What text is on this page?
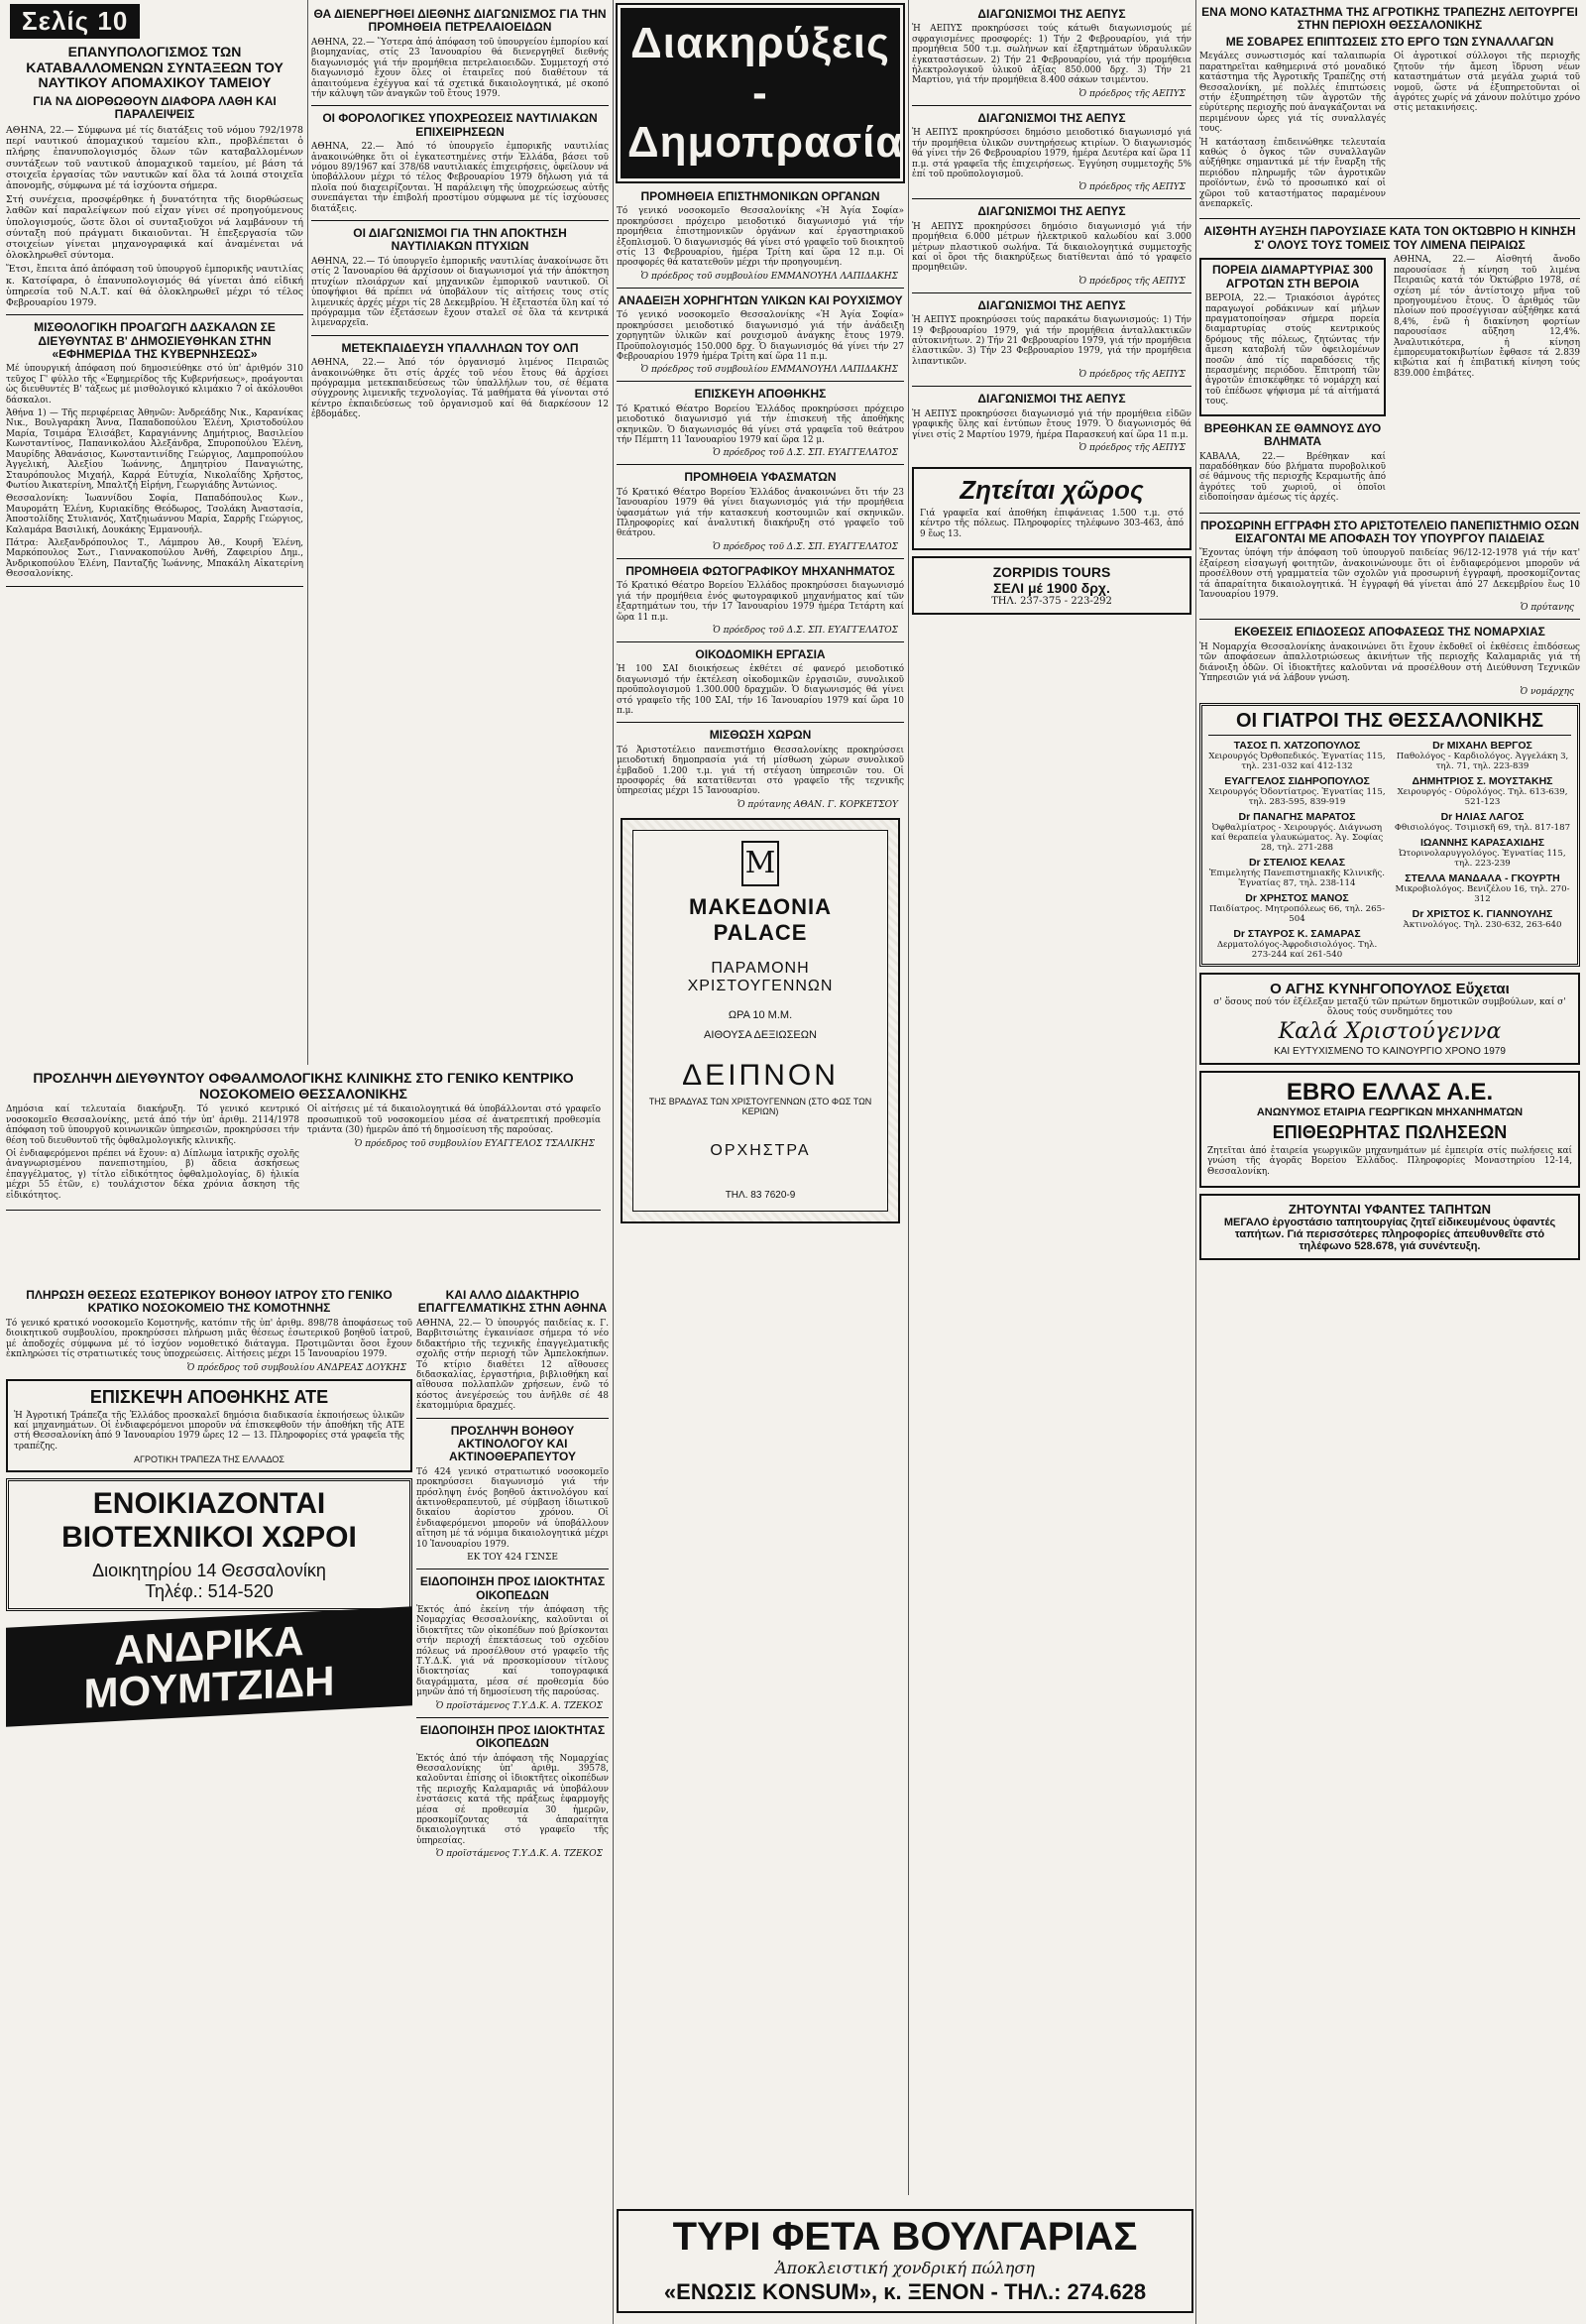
Σελίς 10
ΕΠΑΝΥΠΟΛΟΓΙΣΜΟΣ ΤΩΝ ΚΑΤΑΒΑΛΛΟΜΕΝΩΝ ΣΥΝΤΑΞΕΩΝ ΤΟΥ ΝΑΥΤΙΚΟΥ ΑΠΟΜΑΧΙΚΟΥ ΤΑΜΕΙΟΥ
ΓΙΑ ΝΑ ΔΙΟΡΘΩΘΟΥΝ ΔΙΑΦΟΡΑ ΛΑΘΗ ΚΑΙ ΠΑΡΑΛΕΙΨΕΙΣ

ΑΘΗΝΑ, 22.— Σύμφωνα μέ τίς διατάξεις τοῦ νόμου 792/1978 περί ναυτικού ἀπομαχικού ταμείου κλπ., προβλέπεται ὁ πλήρης ἐπανυπολογισμός ὅλων τῶν καταβαλλομένων συντάξεων τοῦ ναυτικοῦ ἀπομαχικοῦ ταμείου, μέ βάση τά στοιχεῖα ἐργασίας τῶν ναυτικῶν καί ὅλα τά λοιπά στοιχεῖα ἀπονομῆς, σύμφωνα μέ τά ἰσχύοντα σήμερα.

Στή συνέχεια, προσφέρθηκε ἡ δυνατότητα τῆς διορθώσεως λαθῶν καί παραλείψεων πού εἶχαν γίνει σέ προηγούμενους ὑπολογισμούς, ὥστε ὅλοι οἱ συνταξιοῦχοι νά λαμβάνουν τή σύνταξη πού πράγματι δικαιοῦνται. Ἡ ἐπεξεργασία τῶν στοιχείων γίνεται μηχανογραφικά καί ἀναμένεται νά ὁλοκληρωθεῖ σύντομα.

Ἔτσι, ἔπειτα ἀπό ἀπόφαση τοῦ ὑπουργοῦ ἐμπορικῆς ναυτιλίας κ. Κατσίφαρα, ὁ ἐπανυπολογισμός θά γίνεται ἀπό εἰδική ὑπηρεσία τοῦ Ν.Α.Τ. καί θά ὁλοκληρωθεῖ μέχρι τό τέλος Φεβρουαρίου 1979.

ΜΙΣΘΟΛΟΓΙΚΗ ΠΡΟΑΓΩΓΗ ΔΑΣΚΑΛΩΝ ΣΕ ΔΙΕΥΘΥΝΤΑΣ Β' ΔΗΜΟΣΙΕΥΘΗΚΑΝ ΣΤΗΝ «ΕΦΗΜΕΡΙΔΑ ΤΗΣ ΚΥΒΕΡΝΗΣΕΩΣ»

Μέ ὑπουργική ἀπόφαση πού δημοσιεύθηκε στό ὑπ' ἀριθμόν 310 τεῦχος Γ' φύλλο τῆς «Ἐφημερίδος τῆς Κυβερνήσεως», προάγονται ὡς διευθυντές Β' τάξεως μέ μισθολογικό κλιμάκιο 7 οἱ ἀκόλουθοι δάσκαλοι.

Ἀθήνα 1) — Τῆς περιφέρειας Ἀθηνῶν: Ἀνδρεάδης Νικ., Καρανίκας Νικ., Βουλγαράκη Ἄννα, Παπαδοπούλου Ἑλένη, Χριστοδούλου Μαρία, Τσιμάρα Ἐλισάβετ, Καραγιάννης Δημήτριος, Βασιλείου Κωνσταντίνος, Παπανικολάου Ἀλεξάνδρα, Σπυροπούλου Ἑλένη, Μαυρίδης Ἀθανάσιος, Κωνσταντινίδης Γεώργιος, Λαμπροπούλου Ἀγγελική, Ἀλεξίου Ἰωάννης, Δημητρίου Παναγιώτης, Σταυρόπουλος Μιχαήλ, Καρρά Εὐτυχία, Νικολαΐδης Χρῆστος, Φωτίου Ἀικατερίνη, Μπαλτζή Εἰρήνη, Γεωργιάδης Ἀντώνιος.

Θεσσαλονίκη: Ἰωαννίδου Σοφία, Παπαδόπουλος Κων., Μαυρομάτη Ἑλένη, Κυριακίδης Θεόδωρος, Τσολάκη Ἀναστασία, Ἀποστολίδης Στυλιανός, Χατζηιωάννου Μαρία, Σαρρῆς Γεώργιος, Καλαμάρα Βασιλική, Δουκάκης Ἐμμανουήλ.

Πάτρα: Ἀλεξανδρόπουλος Τ., Λάμπρου Ἀθ., Κουρῆ Ἑλένη, Μαρκόπουλος Σωτ., Γιαννακοπούλου Ἀνθή, Ζαφειρίου Δημ., Ἀνδρικοπούλου Ἑλένη, Πανταζῆς Ἰωάννης, Μπακάλη Αἰκατερίνη Θεσσαλονίκης.

ΠΡΟΣΛΗΨΗ ΔΙΕΥΘΥΝΤΟΥ ΟΦΘΑΛΜΟΛΟΓΙΚΗΣ ΚΛΙΝΙΚΗΣ ΣΤΟ ΓΕΝΙΚΟ ΚΕΝΤΡΙΚΟ ΝΟΣΟΚΟΜΕΙΟ ΘΕΣΣΑΛΟΝΙΚΗΣ

Δημόσια καί τελευταία διακήρυξη. Τό γενικό κεντρικό νοσοκομεῖο Θεσσαλονίκης, μετά ἀπό τήν ὑπ' ἀριθμ. 2114/1978 ἀπόφαση τοῦ ὑπουργοῦ κοινωνικῶν ὑπηρεσιῶν, προκηρύσσει τήν θέση τοῦ διευθυντοῦ τῆς ὀφθαλμολογικῆς κλινικῆς.

Οἱ ἐνδιαφερόμενοι πρέπει νά ἔχουν: α) Δίπλωμα ἰατρικῆς σχολῆς ἀναγνωρισμένου πανεπιστημίου, β) ἄδεια ἀσκήσεως ἐπαγγέλματος, γ) τίτλο εἰδικότητος ὀφθαλμολογίας, δ) ἡλικία μέχρι 55 ἐτῶν, ε) τουλάχιστον δέκα χρόνια ἄσκηση τῆς εἰδικότητος.

Οἱ αἰτήσεις μέ τά δικαιολογητικά θά ὑποβάλλονται στό γραφεῖο προσωπικοῦ τοῦ νοσοκομείου μέσα σέ ἀνατρεπτική προθεσμία τριάντα (30) ἡμερῶν ἀπό τή δημοσίευση τῆς παρούσας.

Ὁ πρόεδρος τοῦ συμβουλίου ΕΥΑΓΓΕΛΟΣ ΤΣΑΛΙΚΗΣ

ΠΛΗΡΩΣΗ ΘΕΣΕΩΣ ΕΣΩΤΕΡΙΚΟΥ ΒΟΗΘΟΥ ΙΑΤΡΟΥ ΣΤΟ ΓΕΝΙΚΟ ΚΡΑΤΙΚΟ ΝΟΣΟΚΟΜΕΙΟ ΤΗΣ ΚΟΜΟΤΗΝΗΣ

Τό γενικό κρατικό νοσοκομεῖο Κομοτηνῆς, κατόπιν τῆς ὑπ' ἀριθμ. 898/78 ἀποφάσεως τοῦ διοικητικοῦ συμβουλίου, προκηρύσσει πλήρωση μιᾶς θέσεως ἐσωτερικοῦ βοηθοῦ ἰατροῦ, μέ ἀποδοχές σύμφωνα μέ τό ἰσχύον νομοθετικό διάταγμα. Προτιμῶνται ὅσοι ἔχουν ἐκπληρώσει τίς στρατιωτικές τους ὑποχρεώσεις. Αἰτήσεις μέχρι 15 Ἰανουαρίου 1979.

Ὁ πρόεδρος τοῦ συμβουλίου ΑΝΔΡΕΑΣ ΔΟΥΚΗΣ

ΕΠΙΣΚΕΨΗ ΑΠΟΘΗΚΗΣ ΑΤΕ

Ἡ Ἀγροτική Τράπεζα τῆς Ἑλλάδος προσκαλεῖ δημόσια διαδικασία ἐκποιήσεως ὑλικῶν καί μηχανημάτων. Οἱ ἐνδιαφερόμενοι μποροῦν νά ἐπισκεφθοῦν τήν ἀποθήκη τῆς ΑΤΕ στή Θεσσαλονίκη ἀπό 9 Ἰανουαρίου 1979 ὥρες 12 — 13. Πληροφορίες στά γραφεῖα τῆς τραπέζης.

ΑΓΡΟΤΙΚΗ ΤΡΑΠΕΖΑ ΤΗΣ ΕΛΛΑΔΟΣ
ΕΝΟΙΚΙΑΖΟΝΤΑΙ
ΒΙΟΤΕΧΝΙΚΟΙ ΧΩΡΟΙ
Διοικητηρίου 14 Θεσσαλονίκη
Τηλέφ.: 514-520
ΑΝΔΡΙΚΑ
ΜΟΥΜΤΖΙΔΗ
ΘΑ ΔΙΕΝΕΡΓΗΘΕΙ ΔΙΕΘΝΗΣ ΔΙΑΓΩΝΙΣΜΟΣ ΓΙΑ ΤΗΝ ΠΡΟΜΗΘΕΙΑ ΠΕΤΡΕΛΑΙΟΕΙΔΩΝ

ΑΘΗΝΑ, 22.— Ὕστερα ἀπό ἀπόφαση τοῦ ὑπουργείου ἐμπορίου καί βιομηχανίας, στίς 23 Ἰανουαρίου θά διενεργηθεῖ διεθνής διαγωνισμός γιά τήν προμήθεια πετρελαιοειδῶν. Συμμετοχή στό διαγωνισμό ἔχουν ὅλες οἱ ἑταιρεῖες πού διαθέτουν τά ἀπαιτούμενα ἐχέγγυα καί τά σχετικά δικαιολογητικά, μέ σκοπό τήν κάλυψη τῶν ἀναγκῶν τοῦ ἔτους 1979.

ΟΙ ΦΟΡΟΛΟΓΙΚΕΣ ΥΠΟΧΡΕΩΣΕΙΣ ΝΑΥΤΙΛΙΑΚΩΝ ΕΠΙΧΕΙΡΗΣΕΩΝ

ΑΘΗΝΑ, 22.— Ἀπό τό ὑπουργεῖο ἐμπορικῆς ναυτιλίας ἀνακοινώθηκε ὅτι οἱ ἐγκατεστημένες στήν Ἑλλάδα, βάσει τοῦ νόμου 89/1967 καί 378/68 ναυτιλιακές ἐπιχειρήσεις, ὀφείλουν νά ὑποβάλλουν μέχρι τό τέλος Φεβρουαρίου 1979 δήλωση γιά τά πλοῖα πού διαχειρίζονται. Ἡ παράλειψη τῆς ὑποχρεώσεως αὐτῆς συνεπάγεται τήν ἐπιβολή προστίμου σύμφωνα μέ τίς ἰσχύουσες διατάξεις.

ΟΙ ΔΙΑΓΩΝΙΣΜΟΙ ΓΙΑ ΤΗΝ ΑΠΟΚΤΗΣΗ ΝΑΥΤΙΛΙΑΚΩΝ ΠΤΥΧΙΩΝ

ΑΘΗΝΑ, 22.— Τό ὑπουργεῖο ἐμπορικῆς ναυτιλίας ἀνακοίνωσε ὅτι στίς 2 Ἰανουαρίου θά ἀρχίσουν οἱ διαγωνισμοί γιά τήν ἀπόκτηση πτυχίων πλοιάρχων καί μηχανικῶν ἐμπορικοῦ ναυτικοῦ. Οἱ ὑποψήφιοι θά πρέπει νά ὑποβάλουν τίς αἰτήσεις τους στίς λιμενικές ἀρχές μέχρι τίς 28 Δεκεμβρίου. Ἡ ἐξεταστέα ὕλη καί τό πρόγραμμα τῶν ἐξετάσεων ἔχουν σταλεῖ σέ ὅλα τά κεντρικά λιμεναρχεῖα.

ΜΕΤΕΚΠΑΙΔΕΥΣΗ ΥΠΑΛΛΗΛΩΝ ΤΟΥ ΟΛΠ

ΑΘΗΝΑ, 22.— Ἀπό τόν ὀργανισμό λιμένος Πειραιῶς ἀνακοινώθηκε ὅτι στίς ἀρχές τοῦ νέου ἔτους θά ἀρχίσει πρόγραμμα μετεκπαιδεύσεως τῶν ὑπαλλήλων του, σέ θέματα σύγχρονης λιμενικῆς τεχνολογίας. Τά μαθήματα θά γίνονται στό κέντρο ἐκπαιδεύσεως τοῦ ὀργανισμοῦ καί θά διαρκέσουν 12 ἑβδομάδες.

ΚΑΙ ΑΛΛΟ ΔΙΔΑΚΤΗΡΙΟ ΕΠΑΓΓΕΛΜΑΤΙΚΗΣ ΣΤΗΝ ΑΘΗΝΑ

ΑΘΗΝΑ, 22.— Ὁ ὑπουργός παιδείας κ. Γ. Βαρβιτσιώτης ἐγκαινίασε σήμερα τό νέο διδακτήριο τῆς τεχνικῆς ἐπαγγελματικῆς σχολῆς στήν περιοχή τῶν Ἀμπελοκήπων. Τό κτίριο διαθέτει 12 αἴθουσες διδασκαλίας, ἐργαστήρια, βιβλιοθήκη καί αἴθουσα πολλαπλῶν χρήσεων, ἐνῶ τό κόστος ἀνεγέρσεώς του ἀνῆλθε σέ 48 ἑκατομμύρια δραχμές.

ΠΡΟΣΛΗΨΗ ΒΟΗΘΟΥ ΑΚΤΙΝΟΛΟΓΟΥ ΚΑΙ ΑΚΤΙΝΟΘΕΡΑΠΕΥΤΟΥ

Τό 424 γενικό στρατιωτικό νοσοκομεῖο προκηρύσσει διαγωνισμό γιά τήν πρόσληψη ἑνός βοηθοῦ ἀκτινολόγου καί ἀκτινοθεραπευτοῦ, μέ σύμβαση ἰδιωτικοῦ δικαίου ἀορίστου χρόνου. Οἱ ἐνδιαφερόμενοι μποροῦν νά ὑποβάλλουν αἴτηση μέ τά νόμιμα δικαιολογητικά μέχρι 10 Ἰανουαρίου 1979.

ΕΚ ΤΟΥ 424 ΓΣΝΣΕ

ΕΙΔΟΠΟΙΗΣΗ ΠΡΟΣ ΙΔΙΟΚΤΗΤΑΣ ΟΙΚΟΠΕΔΩΝ

Ἐκτός ἀπό ἐκείνη τήν ἀπόφαση τῆς Νομαρχίας Θεσσαλονίκης, καλοῦνται οἱ ἰδιοκτῆτες τῶν οἰκοπέδων πού βρίσκονται στήν περιοχή ἐπεκτάσεως τοῦ σχεδίου πόλεως νά προσέλθουν στό γραφεῖο τῆς Τ.Υ.Δ.Κ. γιά νά προσκομίσουν τίτλους ἰδιοκτησίας καί τοπογραφικά διαγράμματα, μέσα σέ προθεσμία δύο μηνῶν ἀπό τή δημοσίευση τῆς παρούσας.

Ὁ προϊστάμενος Τ.Υ.Δ.Κ. Α. ΤΖΕΚΟΣ

ΕΙΔΟΠΟΙΗΣΗ ΠΡΟΣ ΙΔΙΟΚΤΗΤΑΣ ΟΙΚΟΠΕΔΩΝ

Ἐκτός ἀπό τήν ἀπόφαση τῆς Νομαρχίας Θεσσαλονίκης ὑπ' ἀριθμ. 39578, καλοῦνται ἐπίσης οἱ ἰδιοκτῆτες οἰκοπέδων τῆς περιοχῆς Καλαμαριᾶς νά ὑποβάλουν ἐνστάσεις κατά τῆς πράξεως ἐφαρμογῆς μέσα σέ προθεσμία 30 ἡμερῶν, προσκομίζοντας τά ἀπαραίτητα δικαιολογητικά στό γραφεῖο τῆς ὑπηρεσίας.

Ὁ προϊστάμενος Τ.Υ.Δ.Κ. Α. ΤΖΕΚΟΣ

Διακηρύξεις - Δημοπρασίαι
ΠΡΟΜΗΘΕΙΑ ΕΠΙΣΤΗΜΟΝΙΚΩΝ ΟΡΓΑΝΩΝ

Τό γενικό νοσοκομεῖο Θεσσαλονίκης «Ἡ Ἁγία Σοφία» προκηρύσσει πρόχειρο μειοδοτικό διαγωνισμό γιά τήν προμήθεια ἐπιστημονικῶν ὀργάνων καί ἐργαστηριακοῦ ἐξοπλισμοῦ. Ὁ διαγωνισμός θά γίνει στό γραφεῖο τοῦ διοικητοῦ στίς 13 Φεβρουαρίου, ἡμέρα Τρίτη καί ὥρα 12 π.μ. Οἱ προσφορές θά κατατεθοῦν μέχρι τήν προηγουμένη.

Ὁ πρόεδρος τοῦ συμβουλίου ΕΜΜΑΝΟΥΗΛ ΛΑΠΙΔΑΚΗΣ

ΑΝΑΔΕΙΞΗ ΧΟΡΗΓΗΤΩΝ ΥΛΙΚΩΝ ΚΑΙ ΡΟΥΧΙΣΜΟΥ

Τό γενικό νοσοκομεῖο Θεσσαλονίκης «Ἡ Ἁγία Σοφία» προκηρύσσει μειοδοτικό διαγωνισμό γιά τήν ἀνάδειξη χορηγητῶν ὑλικῶν καί ρουχισμοῦ ἀνάγκης ἔτους 1979. Προϋπολογισμός 150.000 δρχ. Ὁ διαγωνισμός θά γίνει τήν 27 Φεβρουαρίου 1979 ἡμέρα Τρίτη καί ὥρα 11 π.μ.

Ὁ πρόεδρος τοῦ συμβουλίου ΕΜΜΑΝΟΥΗΛ ΛΑΠΙΔΑΚΗΣ

ΕΠΙΣΚΕΥΗ ΑΠΟΘΗΚΗΣ

Τό Κρατικό Θέατρο Βορείου Ἑλλάδος προκηρύσσει πρόχειρο μειοδοτικό διαγωνισμό γιά τήν ἐπισκευή τῆς ἀποθήκης σκηνικῶν. Ὁ διαγωνισμός θά γίνει στά γραφεῖα τοῦ θεάτρου τήν Πέμπτη 11 Ἰανουαρίου 1979 καί ὥρα 12 μ.

Ὁ πρόεδρος τοῦ Δ.Σ. ΣΠ. ΕΥΑΓΓΕΛΑΤΟΣ

ΠΡΟΜΗΘΕΙΑ ΥΦΑΣΜΑΤΩΝ

Τό Κρατικό Θέατρο Βορείου Ἑλλάδος ἀνακοινώνει ὅτι τήν 23 Ἰανουαρίου 1979 θά γίνει διαγωνισμός γιά τήν προμήθεια ὑφασμάτων γιά τήν κατασκευή κοστουμιῶν καί σκηνικῶν. Πληροφορίες καί ἀναλυτική διακήρυξη στό γραφεῖο τοῦ θεάτρου.

Ὁ πρόεδρος τοῦ Δ.Σ. ΣΠ. ΕΥΑΓΓΕΛΑΤΟΣ

ΠΡΟΜΗΘΕΙΑ ΦΩΤΟΓΡΑΦΙΚΟΥ ΜΗΧΑΝΗΜΑΤΟΣ

Τό Κρατικό Θέατρο Βορείου Ἑλλάδος προκηρύσσει διαγωνισμό γιά τήν προμήθεια ἑνός φωτογραφικοῦ μηχανήματος καί τῶν ἐξαρτημάτων του, τήν 17 Ἰανουαρίου 1979 ἡμέρα Τετάρτη καί ὥρα 11 π.μ.

Ὁ πρόεδρος τοῦ Δ.Σ. ΣΠ. ΕΥΑΓΓΕΛΑΤΟΣ

ΟΙΚΟΔΟΜΙΚΗ ΕΡΓΑΣΙΑ

Ἡ 100 ΣΑΙ διοικήσεως ἐκθέτει σέ φανερό μειοδοτικό διαγωνισμό τήν ἐκτέλεση οἰκοδομικῶν ἐργασιῶν, συνολικοῦ προϋπολογισμοῦ 1.300.000 δραχμῶν. Ὁ διαγωνισμός θά γίνει στό γραφεῖο τῆς 100 ΣΑΙ, τήν 16 Ἰανουαρίου 1979 καί ὥρα 10 π.μ.

ΜΙΣΘΩΣΗ ΧΩΡΩΝ

Τό Ἀριστοτέλειο πανεπιστήμιο Θεσσαλονίκης προκηρύσσει μειοδοτική δημοπρασία γιά τή μίσθωση χώρων συνολικοῦ ἐμβαδοῦ 1.200 τ.μ. γιά τή στέγαση ὑπηρεσιῶν του. Οἱ προσφορές θά κατατίθενται στό γραφεῖο τῆς τεχνικῆς ὑπηρεσίας μέχρι 15 Ἰανουαρίου.

Ὁ πρύτανης ΑΘΑΝ. Γ. ΚΟΡΚΕΤΣΟΥ

M
ΜΑΚΕΔΟΝΙΑ PALACE
ΠΑΡΑΜΟΝΗ ΧΡΙΣΤΟΥΓΕΝΝΩΝ
ΩΡΑ 10 Μ.Μ.
ΑΙΘΟΥΣΑ ΔΕΞΙΩΣΕΩΝ
ΔΕΙΠΝΟΝ
ΤΗΣ ΒΡΑΔΥΑΣ ΤΩΝ ΧΡΙΣΤΟΥΓΕΝΝΩΝ (ΣΤΟ ΦΩΣ ΤΩΝ ΚΕΡΙΩΝ)
ΟΡΧΗΣΤΡΑ
ΤΗΛ. 83 7620-9
ΔΙΑΓΩΝΙΣΜΟΙ ΤΗΣ ΑΕΠΥΣ

Ἡ ΑΕΠΥΣ προκηρύσσει τούς κάτωθι διαγωνισμούς μέ σφραγισμένες προσφορές: 1) Τήν 2 Φεβρουαρίου, γιά τήν προμήθεια 500 τ.μ. σωλήνων καί ἐξαρτημάτων ὑδραυλικῶν ἐγκαταστάσεων. 2) Τήν 21 Φεβρουαρίου, γιά τήν προμήθεια ἠλεκτρολογικοῦ ὑλικοῦ ἀξίας 850.000 δρχ. 3) Τήν 21 Μαρτίου, γιά τήν προμήθεια 8.400 σάκων τσιμέντου.

Ὁ πρόεδρος τῆς ΑΕΠΥΣ

ΔΙΑΓΩΝΙΣΜΟΙ ΤΗΣ ΑΕΠΥΣ

Ἡ ΑΕΠΥΣ προκηρύσσει δημόσιο μειοδοτικό διαγωνισμό γιά τήν προμήθεια ὑλικῶν συντηρήσεως κτιρίων. Ὁ διαγωνισμός θά γίνει τήν 26 Φεβρουαρίου 1979, ἡμέρα Δευτέρα καί ὥρα 11 π.μ. στά γραφεῖα τῆς ἐπιχειρήσεως. Ἐγγύηση συμμετοχῆς 5% ἐπί τοῦ προϋπολογισμοῦ.

Ὁ πρόεδρος τῆς ΑΕΠΥΣ

ΔΙΑΓΩΝΙΣΜΟΙ ΤΗΣ ΑΕΠΥΣ

Ἡ ΑΕΠΥΣ προκηρύσσει δημόσιο διαγωνισμό γιά τήν προμήθεια 6.000 μέτρων ἠλεκτρικοῦ καλωδίου καί 3.000 μέτρων πλαστικοῦ σωλήνα. Τά δικαιολογητικά συμμετοχῆς καί οἱ ὅροι τῆς διακηρύξεως διατίθενται ἀπό τό γραφεῖο προμηθειῶν.

Ὁ πρόεδρος τῆς ΑΕΠΥΣ

ΔΙΑΓΩΝΙΣΜΟΙ ΤΗΣ ΑΕΠΥΣ

Ἡ ΑΕΠΥΣ προκηρύσσει τούς παρακάτω διαγωνισμούς: 1) Τήν 19 Φεβρουαρίου 1979, γιά τήν προμήθεια ἀνταλλακτικῶν αὐτοκινήτων. 2) Τήν 21 Φεβρουαρίου 1979, γιά τήν προμήθεια ἐλαστικῶν. 3) Τήν 23 Φεβρουαρίου 1979, γιά τήν προμήθεια λιπαντικῶν.

Ὁ πρόεδρος τῆς ΑΕΠΥΣ

ΔΙΑΓΩΝΙΣΜΟΙ ΤΗΣ ΑΕΠΥΣ

Ἡ ΑΕΠΥΣ προκηρύσσει διαγωνισμό γιά τήν προμήθεια εἰδῶν γραφικῆς ὕλης καί ἐντύπων ἔτους 1979. Ὁ διαγωνισμός θά γίνει στίς 2 Μαρτίου 1979, ἡμέρα Παρασκευή καί ὥρα 11 π.μ.

Ὁ πρόεδρος τῆς ΑΕΠΥΣ

Ζητείται χῶρος

Γιά γραφεῖα καί ἀποθήκη ἐπιφάνειας 1.500 τ.μ. στό κέντρο τῆς πόλεως. Πληροφορίες τηλέφωνο 303-463, ἀπό 9 ἕως 13.

ZORPIDIS TOURS
ΣΕΛΙ μέ 1900 δρχ.
ΤΗΛ. 237-375 - 223-292
ΕΝΑ ΜΟΝΟ ΚΑΤΑΣΤΗΜΑ ΤΗΣ ΑΓΡΟΤΙΚΗΣ ΤΡΑΠΕΖΗΣ ΛΕΙΤΟΥΡΓΕΙ ΣΤΗΝ ΠΕΡΙΟΧΗ ΘΕΣΣΑΛΟΝΙΚΗΣ
ΜΕ ΣΟΒΑΡΕΣ ΕΠΙΠΤΩΣΕΙΣ ΣΤΟ ΕΡΓΟ ΤΩΝ ΣΥΝΑΛΛΑΓΩΝ

Μεγάλες συνωστισμός καί ταλαιπωρία παρατηρεῖται καθημερινά στό μοναδικό κατάστημα τῆς Ἀγροτικῆς Τραπέζης στή Θεσσαλονίκη, μέ πολλές ἐπιπτώσεις στήν ἐξυπηρέτηση τῶν ἀγροτῶν τῆς εὐρύτερης περιοχῆς πού ἀναγκάζονται νά περιμένουν ὧρες γιά τίς συναλλαγές τους.

Ἡ κατάσταση ἐπιδεινώθηκε τελευταία καθώς ὁ ὄγκος τῶν συναλλαγῶν αὐξήθηκε σημαντικά μέ τήν ἔναρξη τῆς περιόδου πληρωμῆς τῶν ἀγροτικῶν προϊόντων, ἐνῶ τό προσωπικό καί οἱ χῶροι τοῦ καταστήματος παραμένουν ἀνεπαρκεῖς.

Οἱ ἀγροτικοί σύλλογοι τῆς περιοχῆς ζητοῦν τήν ἄμεση ἵδρυση νέων καταστημάτων στά μεγάλα χωριά τοῦ νομοῦ, ὥστε νά ἐξυπηρετοῦνται οἱ ἀγρότες χωρίς νά χάνουν πολύτιμο χρόνο στίς μετακινήσεις.

ΑΙΣΘΗΤΗ ΑΥΞΗΣΗ ΠΑΡΟΥΣΙΑΣΕ ΚΑΤΑ ΤΟΝ ΟΚΤΩΒΡΙΟ Η ΚΙΝΗΣΗ Σ' ΟΛΟΥΣ ΤΟΥΣ ΤΟΜΕΙΣ ΤΟΥ ΛΙΜΕΝΑ ΠΕΙΡΑΙΩΣ
ΠΟΡΕΙΑ ΔΙΑΜΑΡΤΥΡΙΑΣ 300 ΑΓΡΟΤΩΝ ΣΤΗ ΒΕΡΟΙΑ

ΒΕΡΟΙΑ, 22.— Τριακόσιοι ἀγρότες παραγωγοί ροδάκινων καί μήλων πραγματοποίησαν σήμερα πορεία διαμαρτυρίας στούς κεντρικούς δρόμους τῆς πόλεως, ζητώντας τήν ἄμεση καταβολή τῶν ὀφειλομένων ποσῶν ἀπό τίς παραδόσεις τῆς περασμένης περιόδου. Ἐπιτροπή τῶν ἀγροτῶν ἐπισκέφθηκε τό νομάρχη καί τοῦ ἐπέδωσε ψήφισμα μέ τά αἰτήματά τους.

ΒΡΕΘΗΚΑΝ ΣΕ ΘΑΜΝΟΥΣ ΔΥΟ ΒΛΗΜΑΤΑ

ΚΑΒΑΛΑ, 22.— Βρέθηκαν καί παραδόθηκαν δύο βλήματα πυροβολικοῦ σέ θάμνους τῆς περιοχῆς Κεραμωτῆς ἀπό ἀγρότες τοῦ χωριοῦ, οἱ ὁποῖοι εἰδοποίησαν ἀμέσως τίς ἀρχές.

ΑΘΗΝΑ, 22.— Αἰσθητή ἄνοδο παρουσίασε ἡ κίνηση τοῦ λιμένα Πειραιῶς κατά τόν Ὀκτώβριο 1978, σέ σχέση μέ τόν ἀντίστοιχο μῆνα τοῦ προηγουμένου ἔτους. Ὁ ἀριθμός τῶν πλοίων πού προσέγγισαν αὐξήθηκε κατά 8,4%, ἐνῶ ἡ διακίνηση φορτίων παρουσίασε αὔξηση 12,4%. Ἀναλυτικότερα, ἡ κίνηση ἐμπορευματοκιβωτίων ἔφθασε τά 2.839 κιβώτια καί ἡ ἐπιβατική κίνηση τούς 839.000 ἐπιβάτες.

ΠΡΟΣΩΡΙΝΗ ΕΓΓΡΑΦΗ ΣΤΟ ΑΡΙΣΤΟΤΕΛΕΙΟ ΠΑΝΕΠΙΣΤΗΜΙΟ ΟΣΩΝ ΕΙΣΑΓΟΝΤΑΙ ΜΕ ΑΠΟΦΑΣΗ ΤΟΥ ΥΠΟΥΡΓΟΥ ΠΑΙΔΕΙΑΣ

Ἔχοντας ὑπόψη τήν ἀπόφαση τοῦ ὑπουργοῦ παιδείας 96/12-12-1978 γιά τήν κατ' ἐξαίρεση εἰσαγωγή φοιτητῶν, ἀνακοινώνουμε ὅτι οἱ ἐνδιαφερόμενοι μποροῦν νά προσέλθουν στή γραμματεία τῶν σχολῶν γιά προσωρινή ἐγγραφή, προσκομίζοντας τά ἀπαραίτητα δικαιολογητικά. Ἡ ἐγγραφή θά γίνεται ἀπό 27 Δεκεμβρίου ἕως 10 Ἰανουαρίου 1979.

Ὁ πρύτανης

ΕΚΘΕΣΕΙΣ ΕΠΙΔΟΣΕΩΣ ΑΠΟΦΑΣΕΩΣ ΤΗΣ ΝΟΜΑΡΧΙΑΣ

Ἡ Νομαρχία Θεσσαλονίκης ἀνακοινώνει ὅτι ἔχουν ἐκδοθεῖ οἱ ἐκθέσεις ἐπιδόσεως τῶν ἀποφάσεων ἀπαλλοτριώσεως ἀκινήτων τῆς περιοχῆς Καλαμαριᾶς γιά τή διάνοιξη ὁδῶν. Οἱ ἰδιοκτῆτες καλοῦνται νά προσέλθουν στή Διεύθυνση Τεχνικῶν Ὑπηρεσιῶν γιά νά λάβουν γνώση.

Ὁ νομάρχης

ΟΙ ΓΙΑΤΡΟΙ ΤΗΣ ΘΕΣΣΑΛΟΝΙΚΗΣ
ΤΑΣΟΣ Π. ΧΑΤΖΟΠΟΥΛΟΣ
Χειρουργός Ὀρθοπεδικός. Ἐγνατίας 115, τηλ. 231-032 καί 412-132
ΕΥΑΓΓΕΛΟΣ ΣΙΔΗΡΟΠΟΥΛΟΣ
Χειρουργός Ὀδοντίατρος. Ἐγνατίας 115, τηλ. 283-595, 839-919
Dr ΠΑΝΑΓΗΣ ΜΑΡΑΤΟΣ
Ὀφθαλμίατρος - Χειρουργός. Διάγνωση καί θεραπεία γλαυκώματος. Ἀγ. Σοφίας 28, τηλ. 271-288
Dr ΣΤΕΛΙΟΣ ΚΕΛΑΣ
Ἐπιμελητής Πανεπιστημιακῆς Κλινικῆς. Ἐγνατίας 87, τηλ. 238-114
Dr ΧΡΗΣΤΟΣ ΜΑΝΟΣ
Παιδίατρος. Μητροπόλεως 66, τηλ. 265-504
Dr ΣΤΑΥΡΟΣ Κ. ΣΑΜΑΡΑΣ
Δερματολόγος-Ἀφροδισιολόγος. Τηλ. 273-244 καί 261-540
Dr ΜΙΧΑΗΛ ΒΕΡΓΟΣ
Παθολόγος - Καρδιολόγος. Ἀγγελάκη 3, τηλ. 71, τηλ. 223-839
ΔΗΜΗΤΡΙΟΣ Σ. ΜΟΥΣΤΑΚΗΣ
Χειρουργός - Οὐρολόγος. Τηλ. 613-639, 521-123
Dr ΗΛΙΑΣ ΛΑΓΟΣ
Φθισιολόγος. Τσιμισκῆ 69, τηλ. 817-187
ΙΩΑΝΝΗΣ ΚΑΡΑΣΑΧΙΔΗΣ
Ὠτορινολαρυγγολόγος. Ἐγνατίας 115, τηλ. 223-239
ΣΤΕΛΛΑ ΜΑΝΔΑΛΑ - ΓΚΟΥΡΤΗ
Μικροβιολόγος. Βενιζέλου 16, τηλ. 270-312
Dr ΧΡΙΣΤΟΣ Κ. ΓΙΑΝΝΟΥΛΗΣ
Ἀκτινολόγος. Τηλ. 230-632, 263-640
Ο ΑΓΗΣ ΚΥΝΗΓΟΠΟΥΛΟΣ Εὔχεται
σ' ὅσους πού τόν ἐξέλεξαν μεταξύ τῶν πρώτων δημοτικῶν συμβούλων, καί σ' ὅλους τούς συνδημότες του
Καλά Χριστούγεννα
ΚΑΙ ΕΥΤΥΧΙΣΜΕΝΟ ΤΟ ΚΑΙΝΟΥΡΓΙΟ ΧΡΟΝΟ 1979
EBRO ΕΛΛΑΣ Α.Ε.
ΑΝΩΝΥΜΟΣ ΕΤΑΙΡΙΑ ΓΕΩΡΓΙΚΩΝ ΜΗΧΑΝΗΜΑΤΩΝ
ΕΠΙΘΕΩΡΗΤΑΣ ΠΩΛΗΣΕΩΝ

Ζητεῖται ἀπό ἑταιρεία γεωργικῶν μηχανημάτων μέ ἐμπειρία στίς πωλήσεις καί γνώση τῆς ἀγορᾶς Βορείου Ἑλλάδος. Πληροφορίες Μοναστηρίου 12-14, Θεσσαλονίκη.

ΖΗΤΟΥΝΤΑΙ ΥΦΑΝΤΕΣ ΤΑΠΗΤΩΝ
ΜΕΓΑΛΟ ἐργοστάσιο ταπητουργίας ζητεῖ εἰδικευμένους ὑφαντές ταπήτων. Γιά περισσότερες πληροφορίες ἀπευθυνθεῖτε στό τηλέφωνο 528.678, γιά συνέντευξη.
ΤΥΡΙ ΦΕΤΑ ΒΟΥΛΓΑΡΙΑΣ
Ἀποκλειστική χονδρική πώληση
«ΕΝΩΣΙΣ KONSUM», κ. ΞΕΝΟΝ - ΤΗΛ.: 274.628
